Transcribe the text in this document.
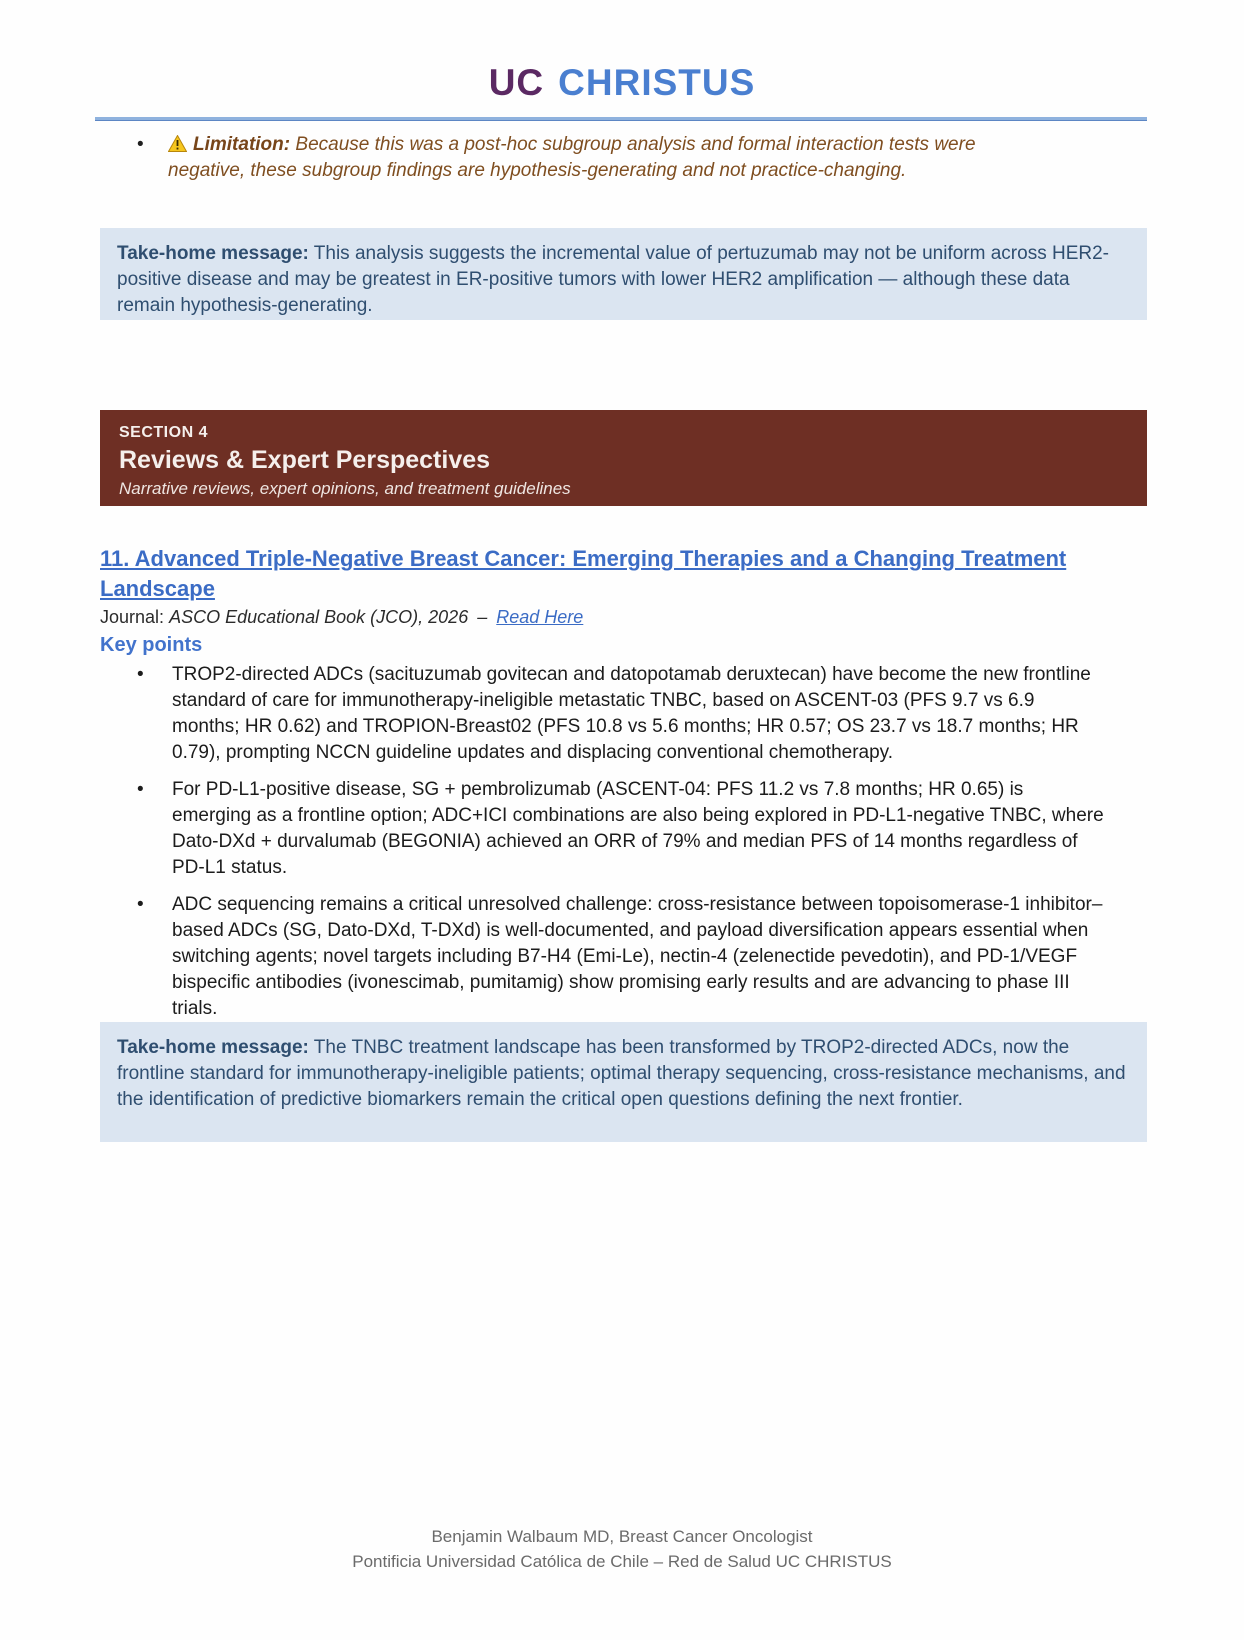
UC CHRISTUS
•	Limitation: Because this was a post-hoc subgroup analysis and formal interaction tests were negative, these subgroup findings are hypothesis-generating and not practice-changing.
Take-home message: This analysis suggests the incremental value of pertuzumab may not be uniform across HER2-positive disease and may be greatest in ER-positive tumors with lower HER2 amplification — although these data remain hypothesis-generating.
SECTION 4
Reviews & Expert Perspectives
Narrative reviews, expert opinions, and treatment guidelines
11. Advanced Triple-Negative Breast Cancer: Emerging Therapies and a Changing Treatment Landscape
Journal: ASCO Educational Book (JCO), 2026 – Read Here
Key points
• TROP2-directed ADCs (sacituzumab govitecan and datopotamab deruxtecan) have become the new frontline standard of care for immunotherapy-ineligible metastatic TNBC, based on ASCENT-03 (PFS 9.7 vs 6.9 months; HR 0.62) and TROPION-Breast02 (PFS 10.8 vs 5.6 months; HR 0.57; OS 23.7 vs 18.7 months; HR 0.79), prompting NCCN guideline updates and displacing conventional chemotherapy.
• For PD-L1-positive disease, SG + pembrolizumab (ASCENT-04: PFS 11.2 vs 7.8 months; HR 0.65) is emerging as a frontline option; ADC+ICI combinations are also being explored in PD-L1-negative TNBC, where Dato-DXd + durvalumab (BEGONIA) achieved an ORR of 79% and median PFS of 14 months regardless of PD-L1 status.
• ADC sequencing remains a critical unresolved challenge: cross-resistance between topoisomerase-1 inhibitor–based ADCs (SG, Dato-DXd, T-DXd) is well-documented, and payload diversification appears essential when switching agents; novel targets including B7-H4 (Emi-Le), nectin-4 (zelenectide pevedotin), and PD-1/VEGF bispecific antibodies (ivonescimab, pumitamig) show promising early results and are advancing to phase III trials.
Take-home message: The TNBC treatment landscape has been transformed by TROP2-directed ADCs, now the frontline standard for immunotherapy-ineligible patients; optimal therapy sequencing, cross-resistance mechanisms, and the identification of predictive biomarkers remain the critical open questions defining the next frontier.
Benjamin Walbaum MD, Breast Cancer Oncologist
Pontificia Universidad Católica de Chile – Red de Salud UC CHRISTUS
